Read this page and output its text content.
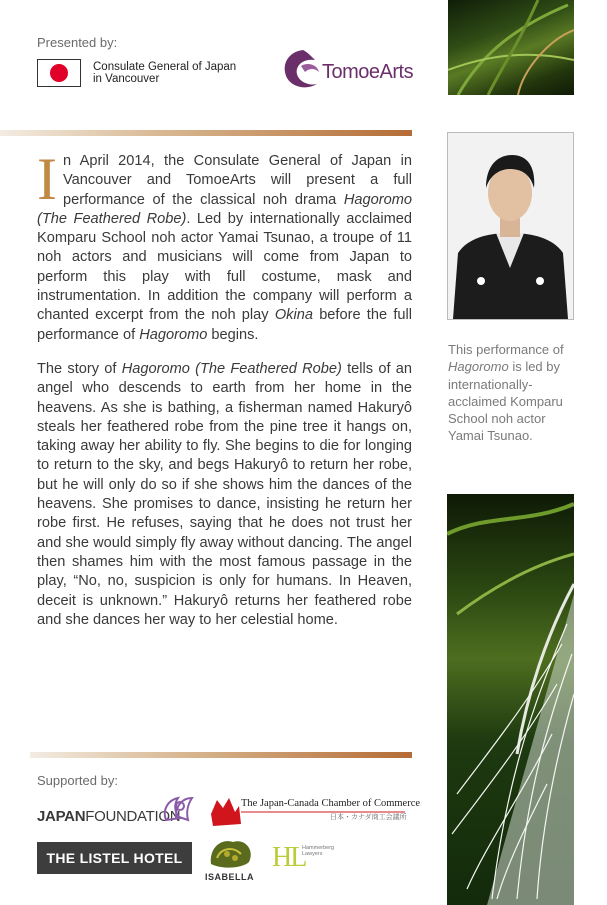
Presented by:
Consulate General of Japan
in Vancouver	TomoeArts

In April 2014, the Consulate General of Japan in Vancouver and TomoeArts will present a full performance of the classical noh drama Hagoromo (The Feathered Robe). Led by internationally acclaimed Komparu School noh actor Yamai Tsunao, a troupe of 11 noh actors and musicians will come from Japan to perform this play with full costume, mask and instrumentation. In addition the company will perform a chanted excerpt from the noh play Okina before the full performance of Hagoromo begins.

The story of Hagoromo (The Feathered Robe) tells of an angel who descends to earth from her home in the heavens. As she is bathing, a fisherman named Hakuryô steals her feathered robe from the pine tree it hangs on, taking away her ability to fly. She begins to die for longing to return to the sky, and begs Hakuryô to return her robe, but he will only do so if she shows him the dances of the heavens. She promises to dance, insisting he return her robe first. He refuses, saying that he does not trust her and she would simply fly away without dancing. The angel then shames him with the most famous passage in the play, “No, no, suspicion is only for humans. In Heaven, deceit is unknown.” Hakuryô returns her feathered robe and she dances her way to her celestial home.

This performance of Hagoromo is led by internationally-acclaimed Komparu School noh actor Yamai Tsunao.
Supported by:
JAPANFOUNDATION
The Japan-Canada Chamber of Commerce
日本・カナダ商工会議所
THE LISTEL HOTEL
ISABELLA
HL
Hammerberg Lawyers
